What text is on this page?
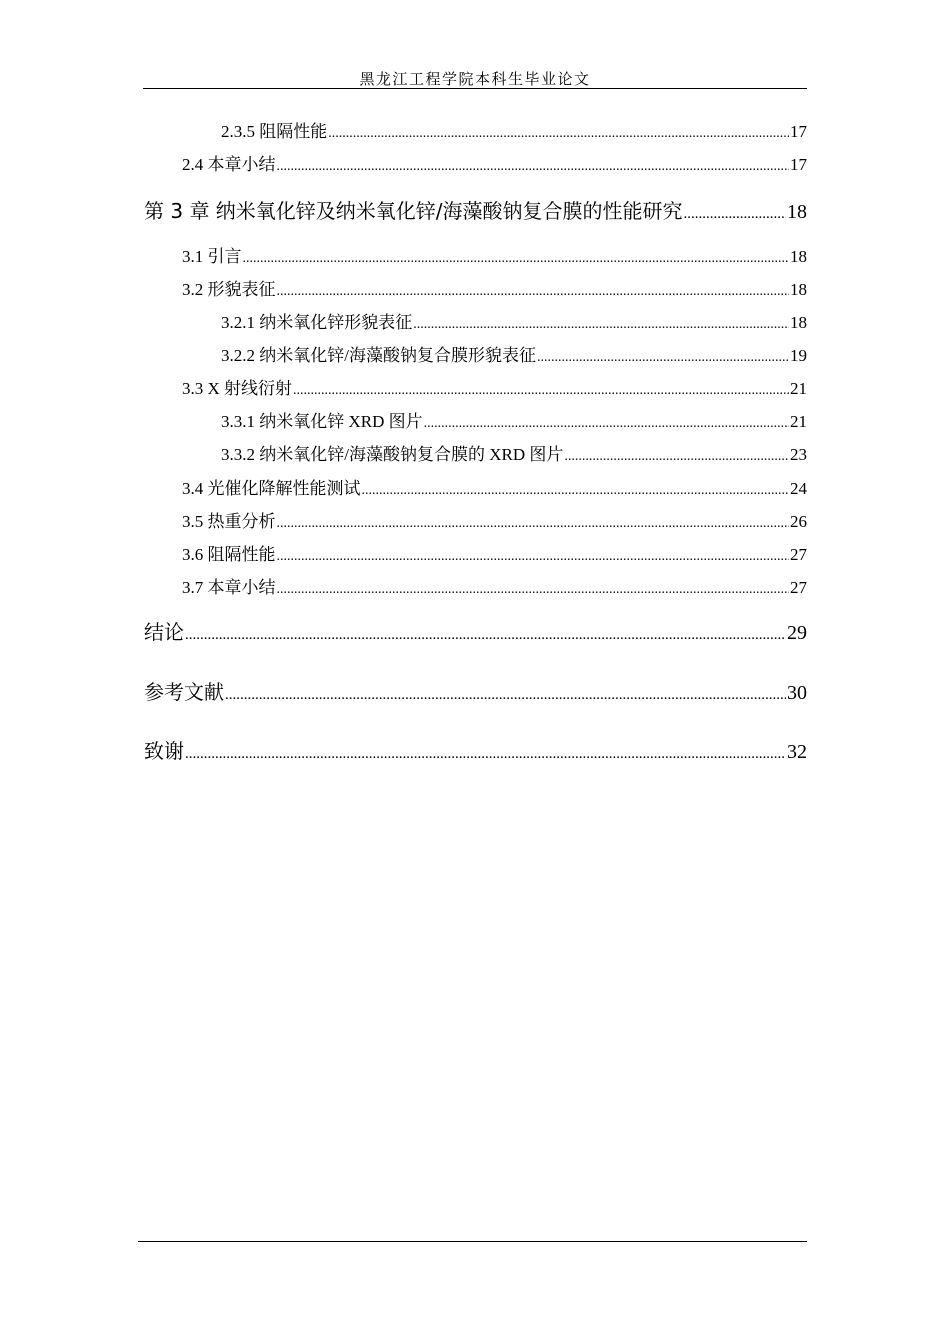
黑龙江工程学院本科生毕业论文
2.3.5 阻隔性能 .....	17
2.4 本章小结 .....	17
第 3 章 纳米氧化锌及纳米氧化锌/海藻酸钠复合膜的性能研究 .....	18
3.1 引言 .....	18
3.2 形貌表征 .....	18
3.2.1 纳米氧化锌形貌表征 .....	18
3.2.2 纳米氧化锌/海藻酸钠复合膜形貌表征 .....	19
3.3 X 射线衍射 .....	21
3.3.1 纳米氧化锌 XRD 图片 .....	21
3.3.2 纳米氧化锌/海藻酸钠复合膜的 XRD 图片 .....	23
3.4 光催化降解性能测试 .....	24
3.5 热重分析 .....	26
3.6 阻隔性能 .....	27
3.7 本章小结 .....	27
结论 .....	29
参考文献 .....	30
致谢 .....	32
